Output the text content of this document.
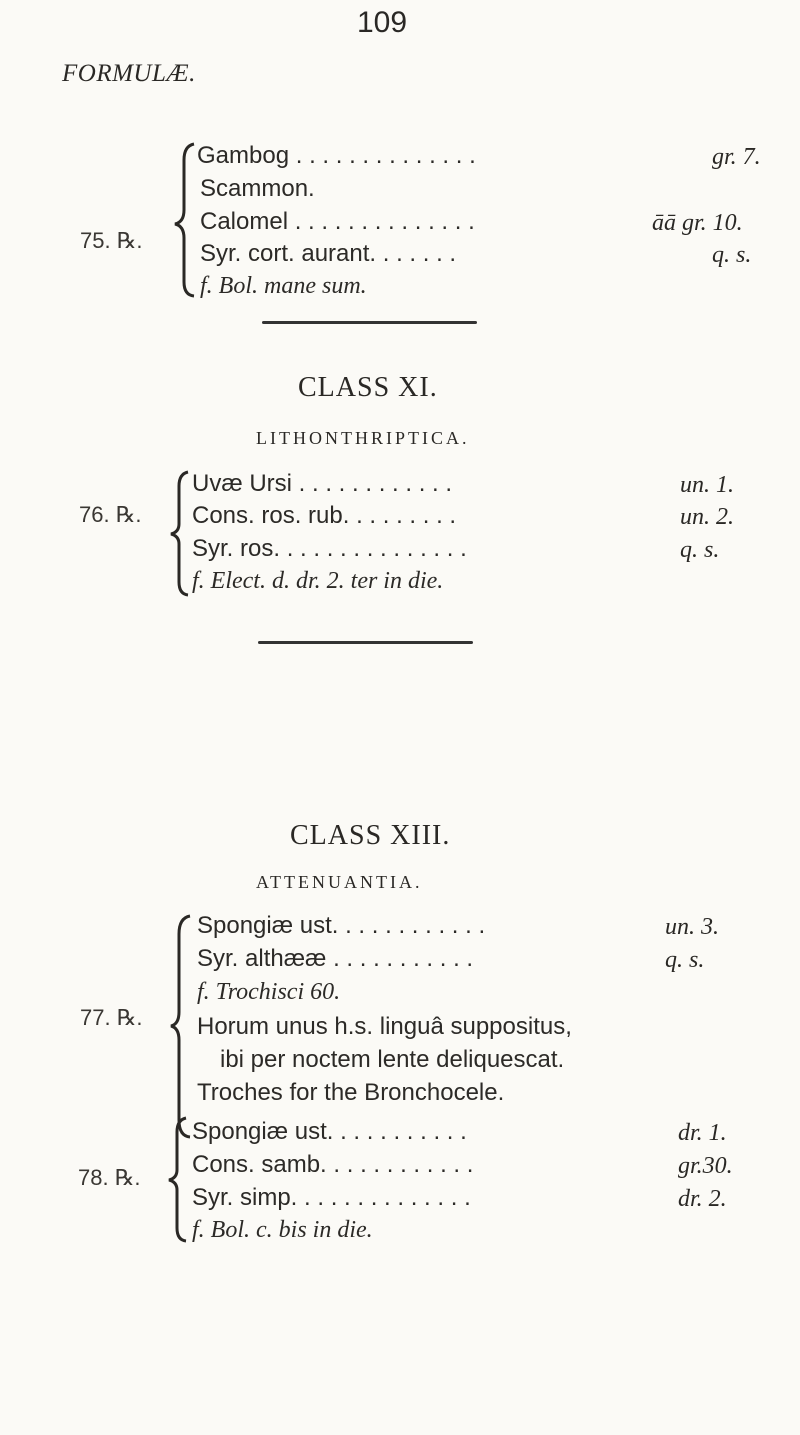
109
FORMULÆ.
75. ℞.
Gambog . . . . . . . . . . . . . .	gr. 7.
Scammon.
Calomel . . . . . . . . . . . . . .	āā gr. 10.
Syr. cort. aurant. . . . . . .	q. s.
f. Bol. mane sum.
CLASS XI.
LITHONTHRIPTICA.
76. ℞.
Uvæ Ursi . . . . . . . . . . . .	un. 1.
Cons. ros. rub. . . . . . . . .	un. 2.
Syr. ros. . . . . . . . . . . . . . .	q. s.
f. Elect. d. dr. 2. ter in die.
CLASS XIII.
ATTENUANTIA.
77. ℞.
Spongiæ ust. . . . . . . . . . . .	un. 3.
Syr. althææ . . . . . . . . . . .	q. s.
f. Trochisci 60.
Horum unus h.s. linguâ suppositus,
ibi per noctem lente deliquescat.
Troches for the Bronchocele.
78. ℞.
Spongiæ ust. . . . . . . . . . .	dr. 1.
Cons. samb. . . . . . . . . . . .	gr.30.
Syr. simp. . . . . . . . . . . . . .	dr. 2.
f. Bol. c. bis in die.
